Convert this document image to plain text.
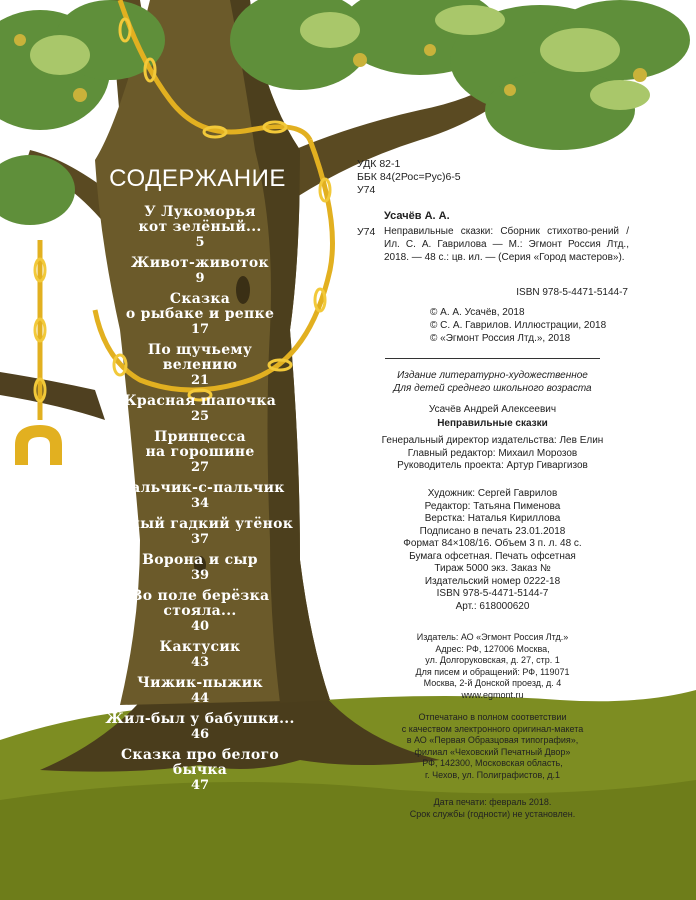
СОДЕРЖАНИЕ
У Лукоморья
кот зелёный...
5
Живот-животок
9
Сказка
о рыбаке и репке
17
По щучьему
велению
21
Красная шапочка
25
Принцесса
на горошине
27
Мальчик-с-пальчик
34
Самый гадкий утёнок
37
Ворона и сыр
39
Во поле берёзка
стояла...
40
Кактусик
43
Чижик-пыжик
44
Жил-был у бабушки...
46
Сказка про белого бычка
47
УДК 82-1
ББК 84(2Рос=Рус)6-5
У74
Усачёв А. А.
У74 Неправильные сказки: Сборник стихотво-рений / Ил. С. А. Гаврилова — М.: Эгмонт Россия Лтд., 2018. — 48 с.: цв. ил. — (Серия «Город мастеров»).
ISBN 978-5-4471-5144-7
© А. А. Усачёв, 2018
© С. А. Гаврилов. Иллюстрации, 2018
© «Эгмонт Россия Лтд.», 2018
Издание литературно-художественное
Для детей среднего школьного возраста
Усачёв Андрей Алексеевич
Неправильные сказки
Генеральный директор издательства: Лев Елин
Главный редактор: Михаил Морозов
Руководитель проекта: Артур Гиваргизов
Художник: Сергей Гаврилов
Редактор: Татьяна Пименова
Верстка: Наталья Кириллова
Подписано в печать 23.01.2018
Формат 84×108/16. Объем 3 п. л. 48 с.
Бумага офсетная. Печать офсетная
Тираж 5000 экз. Заказ №
Издательский номер 0222-18
ISBN 978-5-4471-5144-7
Арт.: 618000620
Издатель: АО «Эгмонт Россия Лтд.»
Адрес: РФ, 127006 Москва,
ул. Долгоруковская, д. 27, стр. 1
Для писем и обращений: РФ, 119071
Москва, 2-й Донской проезд, д. 4
www.egmont.ru
Отпечатано в полном соответствии
с качеством электронного оригинал-макета
в АО «Первая Образцовая типография»,
филиал «Чеховский Печатный Двор»
РФ, 142300, Московская область,
г. Чехов, ул. Полиграфистов, д.1
Дата печати: февраль 2018.
Срок службы (годности) не установлен.
